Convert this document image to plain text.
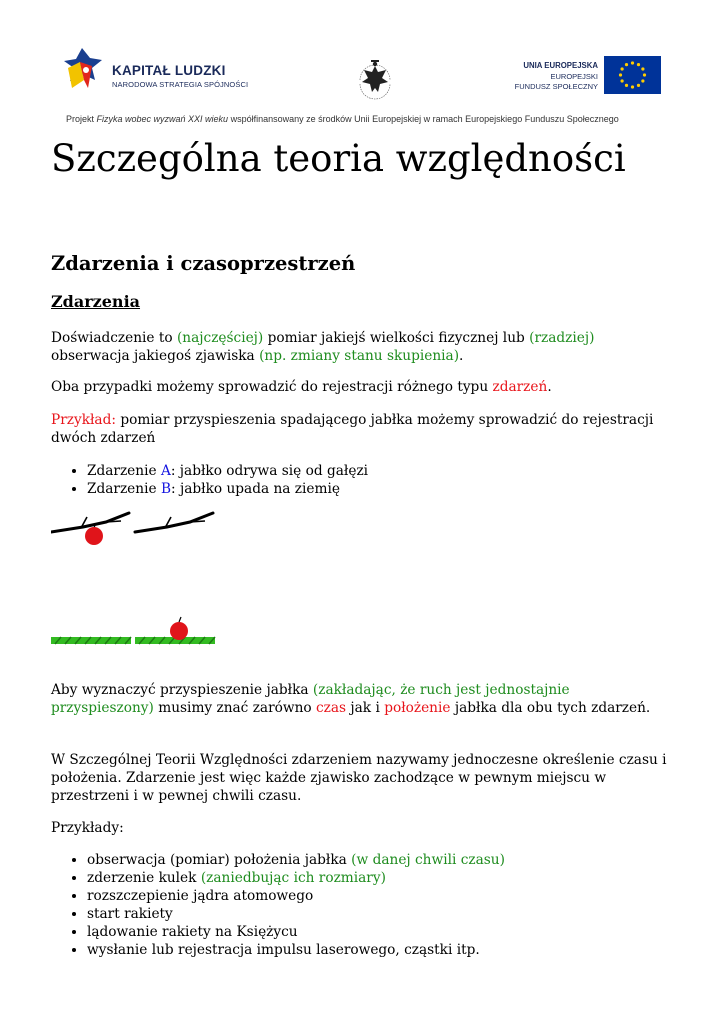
KAPITAŁ LUDZKI
NARODOWA STRATEGIA SPÓJNOŚCI
UNIA EUROPEJSKA
EUROPEJSKI
FUNDUSZ SPOŁECZNY
Projekt Fizyka wobec wyzwań XXI wieku współfinansowany ze środków Unii Europejskiej w ramach Europejskiego Funduszu Społecznego
Szczególna teoria względności
Zdarzenia i czasoprzestrzeń
Zdarzenia

Doświadczenie to (najczęściej) pomiar jakiejś wielkości fizycznej lub (rzadziej) obserwacja jakiegoś zjawiska (np. zmiany stanu skupienia).

Oba przypadki możemy sprowadzić do rejestracji różnego typu zdarzeń.

Przykład: pomiar przyspieszenia spadającego jabłka możemy sprowadzić do rejestracji dwóch zdarzeń

• Zdarzenie A: jabłko odrywa się od gałęzi
• Zdarzenie B: jabłko upada na ziemię

Aby wyznaczyć przyspieszenie jabłka (zakładając, że ruch jest jednostajnie przyspieszony) musimy znać zarówno czas jak i położenie jabłka dla obu tych zdarzeń.

W Szczególnej Teorii Względności zdarzeniem nazywamy jednoczesne określenie czasu i położenia. Zdarzenie jest więc każde zjawisko zachodzące w pewnym miejscu w przestrzeni i w pewnej chwili czasu.

Przykłady:

• obserwacja (pomiar) położenia jabłka (w danej chwili czasu)
• zderzenie kulek (zaniedbując ich rozmiary)
• rozszczepienie jądra atomowego
• start rakiety
• lądowanie rakiety na Księżycu
• wysłanie lub rejestracja impulsu laserowego, cząstki itp.
